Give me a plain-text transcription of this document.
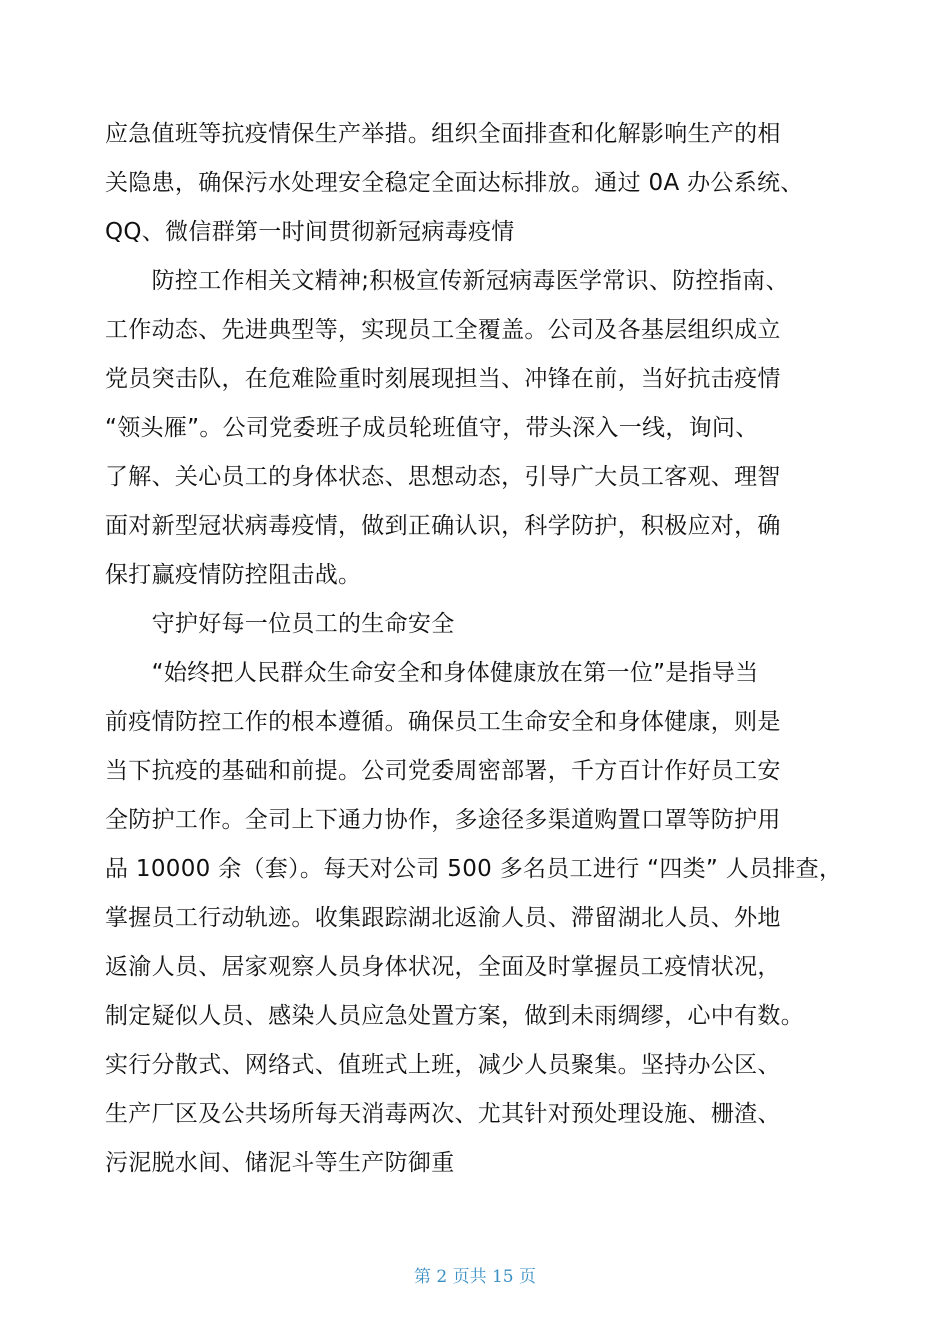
应急值班等抗疫情保生产举措。组织全面排查和化解影响生产的相
关隐患，确保污水处理安全稳定全面达标排放。通过 0A 办公系统、
QQ、微信群第一时间贯彻新冠病毒疫情
　　防控工作相关文精神;积极宣传新冠病毒医学常识、防控指南、
工作动态、先进典型等，实现员工全覆盖。公司及各基层组织成立
党员突击队，在危难险重时刻展现担当、冲锋在前，当好抗击疫情
“领头雁”。公司党委班子成员轮班值守，带头深入一线，询问、
了解、关心员工的身体状态、思想动态，引导广大员工客观、理智
面对新型冠状病毒疫情，做到正确认识，科学防护，积极应对，确
保打赢疫情防控阻击战。
　　守护好每一位员工的生命安全
　　“始终把人民群众生命安全和身体健康放在第一位”是指导当
前疫情防控工作的根本遵循。确保员工生命安全和身体健康，则是
当下抗疫的基础和前提。公司党委周密部署，千方百计作好员工安
全防护工作。全司上下通力协作，多途径多渠道购置口罩等防护用
品 10000 余（套）。每天对公司 500 多名员工进行 “四类” 人员排查，
掌握员工行动轨迹。收集跟踪湖北返渝人员、滞留湖北人员、外地
返渝人员、居家观察人员身体状况，全面及时掌握员工疫情状况，
制定疑似人员、感染人员应急处置方案，做到未雨绸缪，心中有数。
实行分散式、网络式、值班式上班，减少人员聚集。坚持办公区、
生产厂区及公共场所每天消毒两次、尤其针对预处理设施、栅渣、
污泥脱水间、储泥斗等生产防御重
第 2 页共 15 页
